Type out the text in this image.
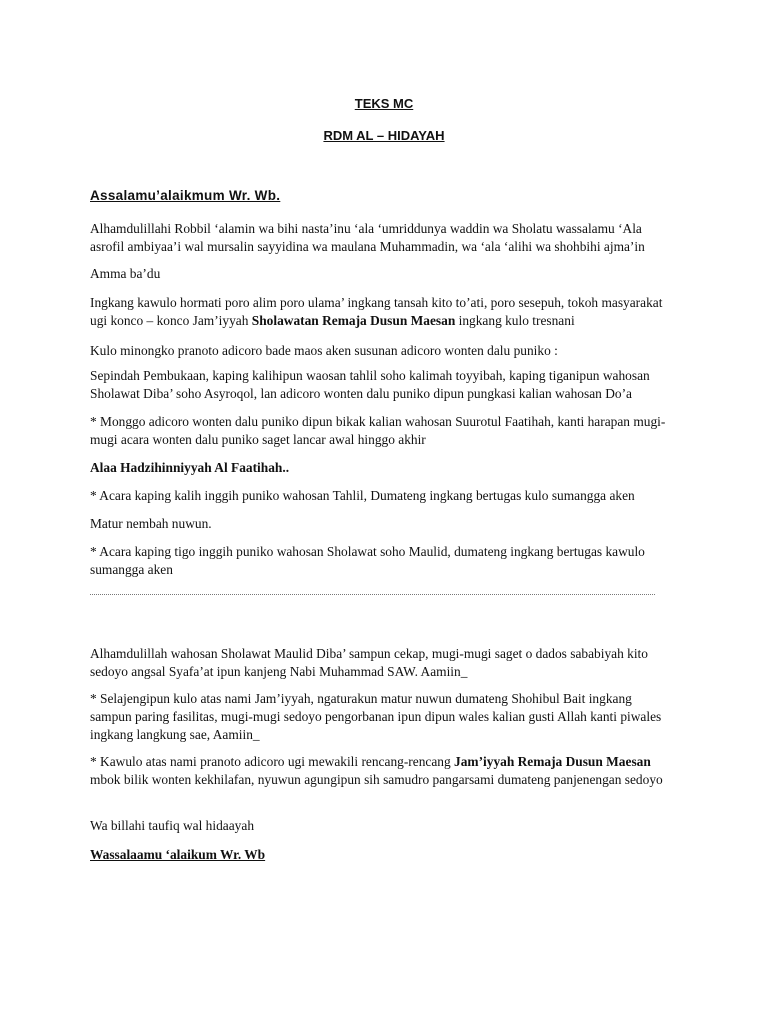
TEKS MC
RDM AL – HIDAYAH

Assalamu’alaikmum Wr. Wb.

Alhamdulillahi Robbil ‘alamin wa bihi nasta’inu ‘ala ‘umriddunya waddin wa Sholatu wassalamu ‘Ala asrofil ambiyaa’i wal mursalin sayyidina wa maulana Muhammadin, wa ‘ala ‘alihi wa shohbihi ajma’in

Amma ba’du

Ingkang kawulo hormati poro alim poro ulama’ ingkang tansah kito to’ati, poro sesepuh, tokoh masyarakat ugi konco – konco Jam’iyyah Sholawatan Remaja Dusun Maesan ingkang kulo tresnani

Kulo minongko pranoto adicoro bade maos aken susunan adicoro wonten dalu puniko :

Sepindah Pembukaan, kaping kalihipun waosan tahlil soho kalimah toyyibah, kaping tiganipun wahosan Sholawat Diba’ soho Asyroqol, lan adicoro wonten dalu puniko dipun pungkasi kalian wahosan Do’a

* Monggo adicoro wonten dalu puniko dipun bikak kalian wahosan Suurotul Faatihah, kanti harapan mugi-mugi acara wonten dalu puniko saget lancar awal hinggo akhir

Alaa Hadzihinniyyah Al Faatihah..

* Acara kaping kalih inggih puniko wahosan Tahlil, Dumateng ingkang bertugas kulo sumangga aken

Matur nembah nuwun.

* Acara kaping tigo inggih puniko wahosan Sholawat soho Maulid, dumateng ingkang bertugas kawulo sumangga aken

Alhamdulillah wahosan Sholawat Maulid Diba’ sampun cekap, mugi-mugi saget o dados sababiyah kito sedoyo angsal Syafa’at ipun kanjeng Nabi Muhammad SAW. Aamiin_

* Selajengipun kulo atas nami Jam’iyyah, ngaturakun matur nuwun dumateng Shohibul Bait ingkang sampun paring fasilitas, mugi-mugi sedoyo pengorbanan ipun dipun wales kalian gusti Allah kanti piwales ingkang langkung sae, Aamiin_

* Kawulo atas nami pranoto adicoro ugi mewakili rencang-rencang Jam’iyyah Remaja Dusun Maesan mbok bilik wonten kekhilafan, nyuwun agungipun sih samudro pangarsami dumateng panjenengan sedoyo

Wa billahi taufiq wal hidaayah

Wassalaamu ‘alaikum Wr. Wb
